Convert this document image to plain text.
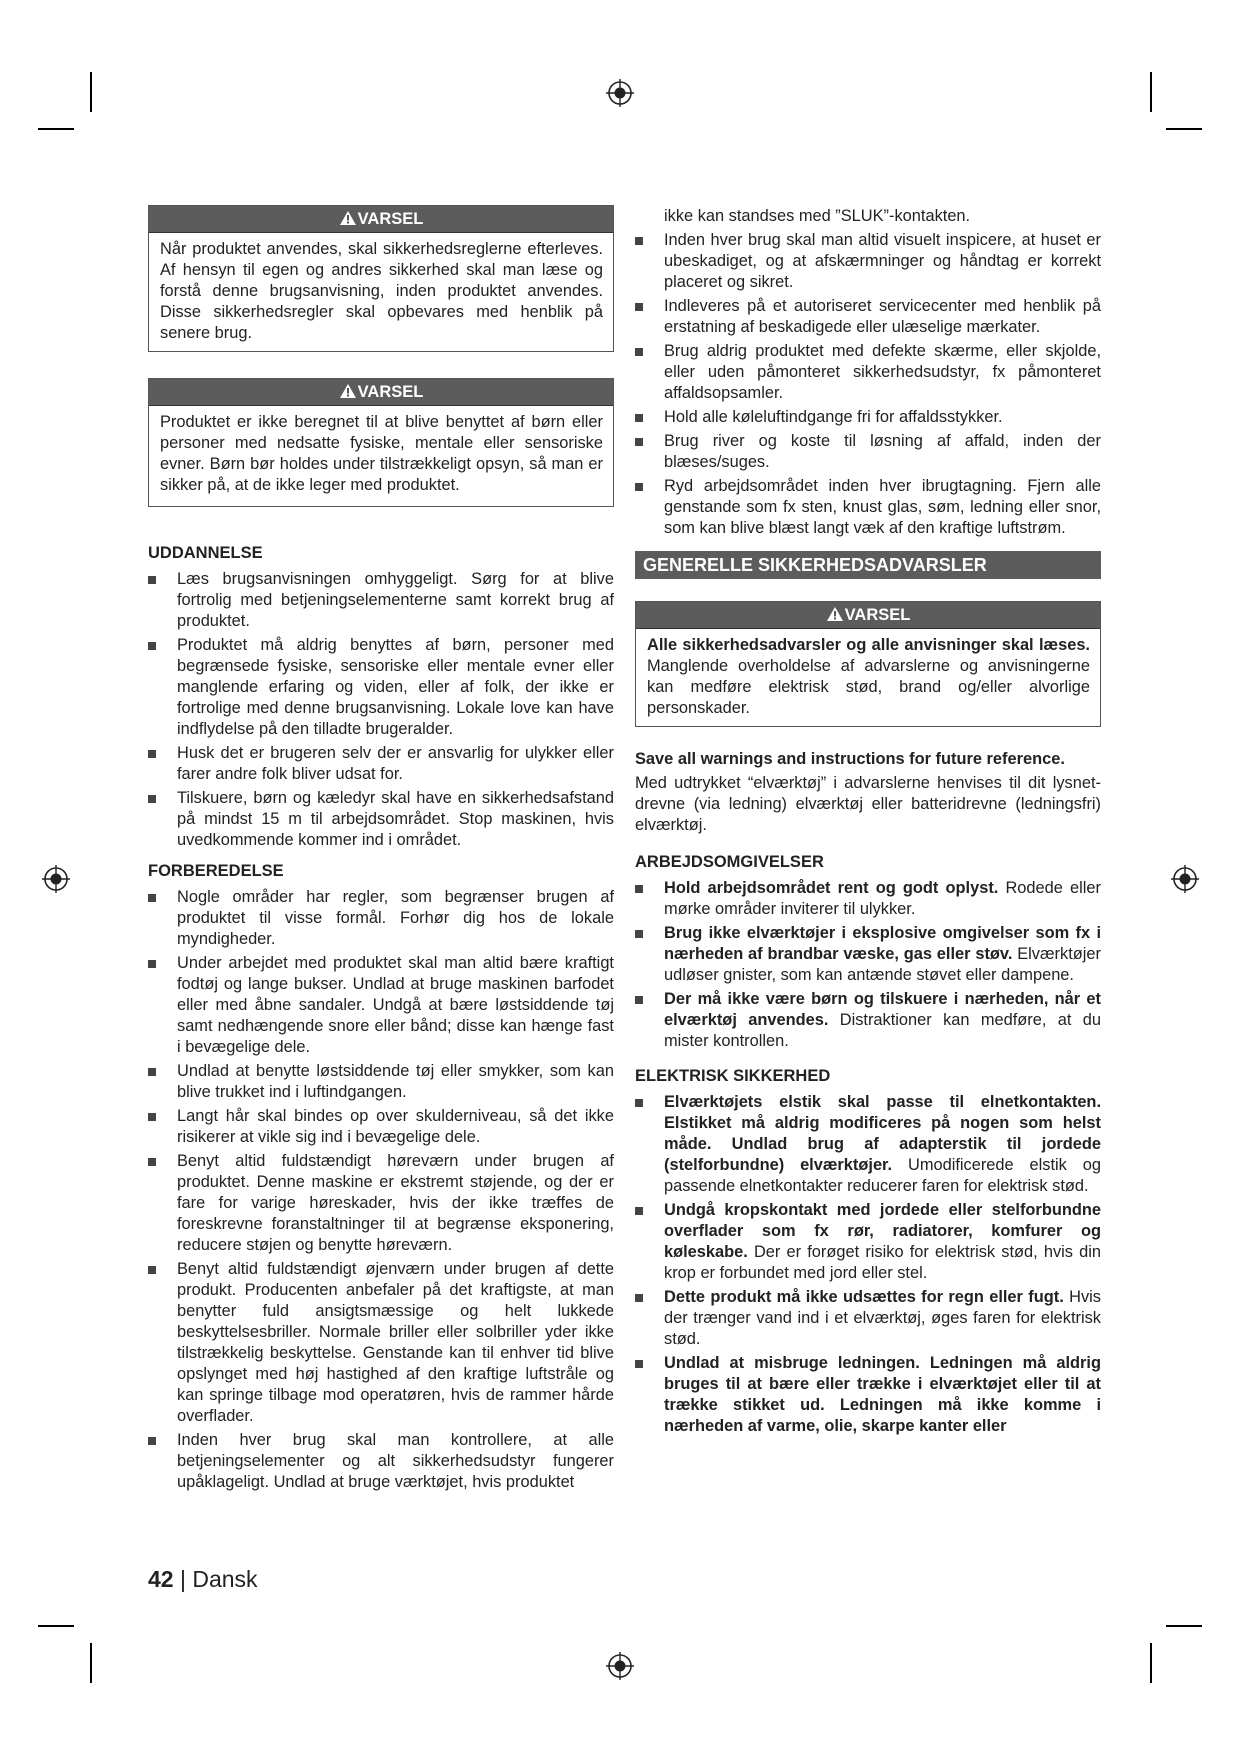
VARSEL
Når produktet anvendes, skal sikkerhedsreglerne efterleves. Af hensyn til egen og andres sikkerhed skal man læse og forstå denne brugsanvisning, inden produktet anvendes. Disse sikkerhedsregler skal opbevares med henblik på senere brug.
VARSEL
Produktet er ikke beregnet til at blive benyttet af børn eller personer med nedsatte fysiske, mentale eller sensoriske evner. Børn bør holdes under tilstrækkeligt opsyn, så man er sikker på, at de ikke leger med produktet.
UDDANNELSE
Læs brugsanvisningen omhyggeligt. Sørg for at blive fortrolig med betjeningselementerne samt korrekt brug af produktet.
Produktet må aldrig benyttes af børn, personer med begrænsede fysiske, sensoriske eller mentale evner eller manglende erfaring og viden, eller af folk, der ikke er fortrolige med denne brugsanvisning. Lokale love kan have indflydelse på den tilladte brugeralder.
Husk det er brugeren selv der er ansvarlig for ulykker eller farer andre folk bliver udsat for.
Tilskuere, børn og kæledyr skal have en sikkerhedsafstand på mindst 15 m til arbejdsområdet. Stop maskinen, hvis uvedkommende kommer ind i området.
FORBEREDELSE
Nogle områder har regler, som begrænser brugen af produktet til visse formål. Forhør dig hos de lokale myndigheder.
Under arbejdet med produktet skal man altid bære kraftigt fodtøj og lange bukser. Undlad at bruge maskinen barfodet eller med åbne sandaler. Undgå at bære løstsiddende tøj samt nedhængende snore eller bånd; disse kan hænge fast i bevægelige dele.
Undlad at benytte løstsiddende tøj eller smykker, som kan blive trukket ind i luftindgangen.
Langt hår skal bindes op over skulderniveau, så det ikke risikerer at vikle sig ind i bevægelige dele.
Benyt altid fuldstændigt høreværn under brugen af produktet. Denne maskine er ekstremt støjende, og der er fare for varige høreskader, hvis der ikke træffes de foreskrevne foranstaltninger til at begrænse eksponering, reducere støjen og benytte høreværn.
Benyt altid fuldstændigt øjenværn under brugen af dette produkt. Producenten anbefaler på det kraftigste, at man benytter fuld ansigtsmæssige og helt lukkede beskyttelsesbriller. Normale briller eller solbriller yder ikke tilstrækkelig beskyttelse. Genstande kan til enhver tid blive opslynget med høj hastighed af den kraftige luftstråle og kan springe tilbage mod operatøren, hvis de rammer hårde overflader.
Inden hver brug skal man kontrollere, at alle betjeningselementer og alt sikkerhedsudstyr fungerer upåklageligt. Undlad at bruge værktøjet, hvis produktet

ikke kan standses med ”SLUK”-kontakten.

Inden hver brug skal man altid visuelt inspicere, at huset er ubeskadiget, og at afskærmninger og håndtag er korrekt placeret og sikret.
Indleveres på et autoriseret servicecenter med henblik på erstatning af beskadigede eller ulæselige mærkater.
Brug aldrig produktet med defekte skærme, eller skjolde, eller uden påmonteret sikkerhedsudstyr, fx påmonteret affaldsopsamler.
Hold alle køleluftindgange fri for affaldsstykker.
Brug river og koste til løsning af affald, inden der blæses/suges.
Ryd arbejdsområdet inden hver ibrugtagning. Fjern alle genstande som fx sten, knust glas, søm, ledning eller snor, som kan blive blæst langt væk af den kraftige luftstrøm.
GENERELLE SIKKERHEDSADVARSLER
VARSEL
Alle sikkerhedsadvarsler og alle anvisninger skal læses. Manglende overholdelse af advarslerne og anvisningerne kan medføre elektrisk stød, brand og/eller alvorlige personskader.

Save all warnings and instructions for future reference.

Med udtrykket “elværktøj” i advarslerne henvises til dit lysnet-drevne (via ledning) elværktøj eller batteridrevne (ledningsfri) elværktøj.

ARBEJDSOMGIVELSER
Hold arbejdsområdet rent og godt oplyst. Rodede eller mørke områder inviterer til ulykker.
Brug ikke elværktøjer i eksplosive omgivelser som fx i nærheden af brandbar væske, gas eller støv. Elværktøjer udløser gnister, som kan antænde støvet eller dampene.
Der må ikke være børn og tilskuere i nærheden, når et elværktøj anvendes. Distraktioner kan medføre, at du mister kontrollen.
ELEKTRISK SIKKERHED
Elværktøjets elstik skal passe til elnetkontakten. Elstikket må aldrig modificeres på nogen som helst måde. Undlad brug af adapterstik til jordede (stelforbundne) elværktøjer. Umodificerede elstik og passende elnetkontakter reducerer faren for elektrisk stød.
Undgå kropskontakt med jordede eller stelforbundne overflader som fx rør, radiatorer, komfurer og køleskabe. Der er forøget risiko for elektrisk stød, hvis din krop er forbundet med jord eller stel.
Dette produkt må ikke udsættes for regn eller fugt. Hvis der trænger vand ind i et elværktøj, øges faren for elektrisk stød.
Undlad at misbruge ledningen. Ledningen må aldrig bruges til at bære eller trække i elværktøjet eller til at trække stikket ud. Ledningen må ikke komme i nærheden af varme, olie, skarpe kanter eller
42 | Dansk
